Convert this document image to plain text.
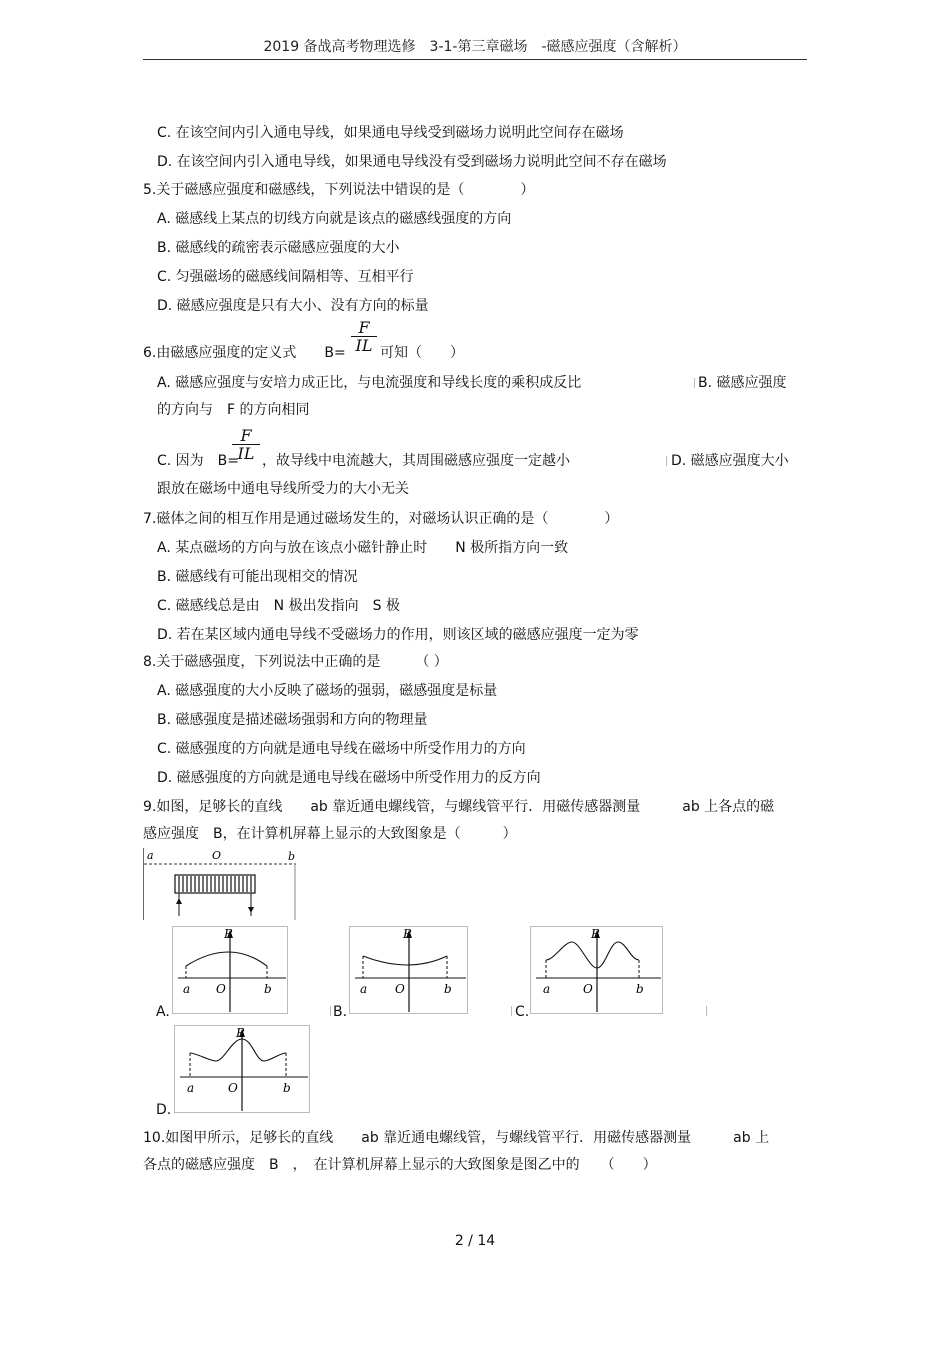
2019 备战高考物理选修　3-1-第三章磁场　-磁感应强度（含解析）
C. 在该空间内引入通电导线，如果通电导线受到磁场力说明此空间存在磁场
D. 在该空间内引入通电导线，如果通电导线没有受到磁场力说明此空间不存在磁场
5.关于磁感应强度和磁感线，下列说法中错误的是（　　　　）
A. 磁感线上某点的切线方向就是该点的磁感线强度的方向
B. 磁感线的疏密表示磁感应强度的大小
C. 匀强磁场的磁感线间隔相等、互相平行
D. 磁感应强度是只有大小、没有方向的标量
6.由磁感应强度的定义式　　$B= \frac{F}{IL}$ 可知（　　）
A. 磁感应强度与安培力成正比，与电流强度和导线长度的乘积成反比	B. 磁感应强度
的方向与　F 的方向相同
C. 因为　B=
$\frac{F}{IL}$ ，故导线中电流越大，其周围磁感应强度一定越小	D. 磁感应强度大小
跟放在磁场中通电导线所受力的大小无关
7.磁体之间的相互作用是通过磁场发生的，对磁场认识正确的是（　　　　）
A. 某点磁场的方向与放在该点小磁针静止时　　N 极所指方向一致
B. 磁感线有可能出现相交的情况
C. 磁感线总是由　N 极出发指向　S 极
D. 若在某区域内通电导线不受磁场力的作用，则该区域的磁感应强度一定为零
8.关于磁感强度，下列说法中正确的是　　　（ ）
A. 磁感强度的大小反映了磁场的强弱，磁感强度是标量
B. 磁感强度是描述磁场强弱和方向的物理量
C. 磁感强度的方向就是通电导线在磁场中所受作用力的方向
D. 磁感强度的方向就是通电导线在磁场中所受作用力的反方向
9.如图，足够长的直线　　ab 靠近通电螺线管，与螺线管平行．用磁传感器测量　　　ab 上各点的磁
感应强度　B，在计算机屏幕上显示的大致图象是（　　　）
a	O	b
B
a O	b
A.
B
a O	b
B.
B
a	O	b
C.
B
a	O	b
D.
10.如图甲所示，足够长的直线　　ab 靠近通电螺线管，与螺线管平行．用磁传感器测量　　　ab 上
各点的磁感应强度　B　，　在计算机屏幕上显示的大致图象是图乙中的　　（　　）
2 / 14
